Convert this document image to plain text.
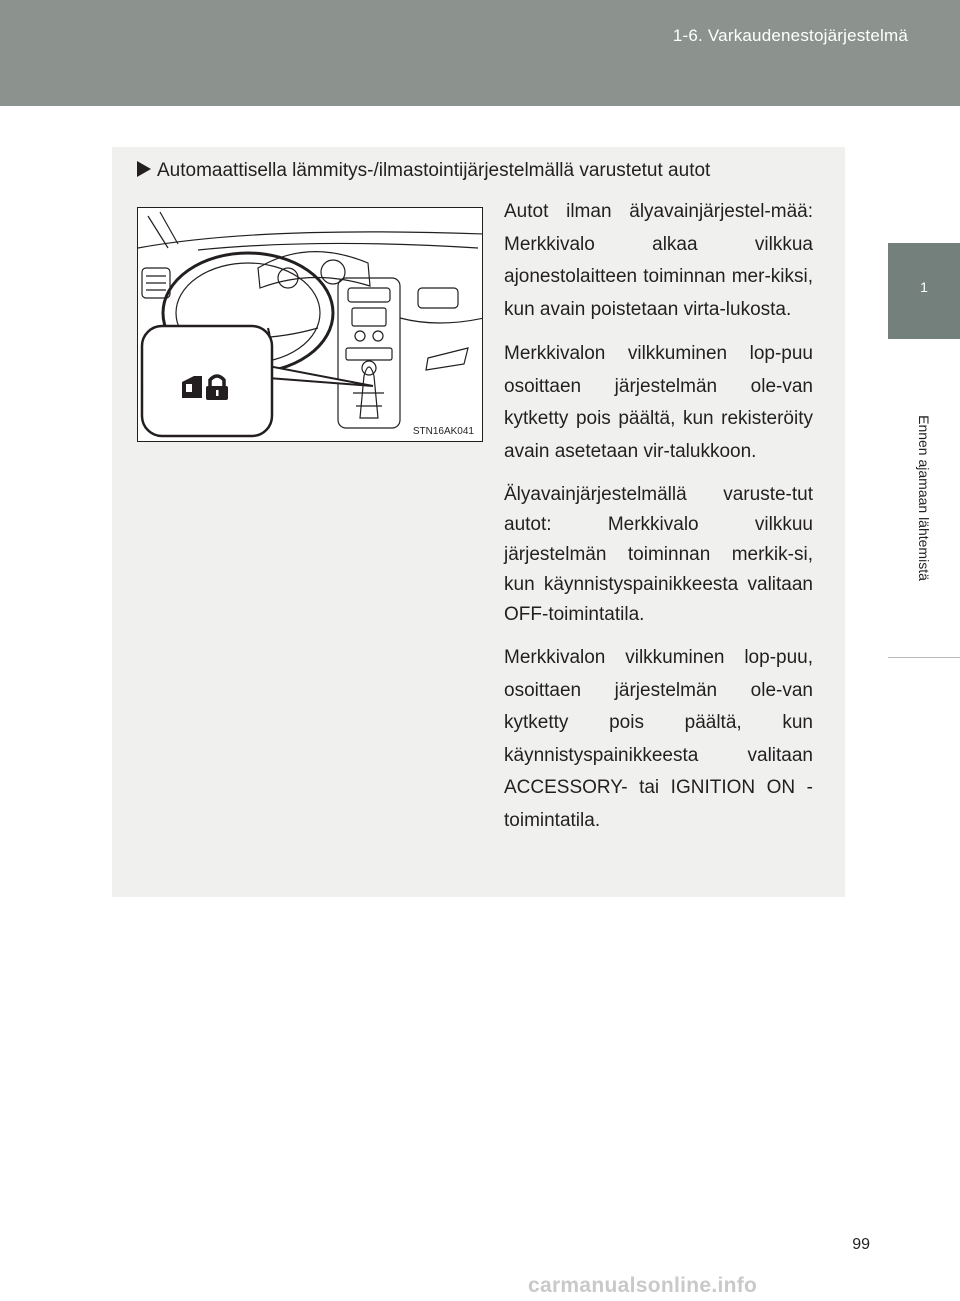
1-6. Varkaudenestojärjestelmä
1
Ennen ajamaan lähtemistä
Automaattisella lämmitys-/ilmastointijärjestelmällä varustetut autot
STN16AK041

Autot ilman älyavainjärjestel-mää: Merkkivalo alkaa vilkkua ajonestolaitteen toiminnan mer-kiksi, kun avain poistetaan virta-lukosta.

Merkkivalon vilkkuminen lop-puu osoittaen järjestelmän ole-van kytketty pois päältä, kun rekisteröity avain asetetaan vir-talukkoon.

Älyavainjärjestelmällä varuste-tut autot: Merkkivalo vilkkuu järjestelmän toiminnan merkik-si, kun käynnistyspainikkeesta valitaan OFF-toimintatila.

Merkkivalon vilkkuminen lop-puu, osoittaen järjestelmän ole-van kytketty pois päältä, kun käynnistyspainikkeesta valitaan ACCESSORY- tai IGNITION ON -toimintatila.

99
carmanualsonline.info
